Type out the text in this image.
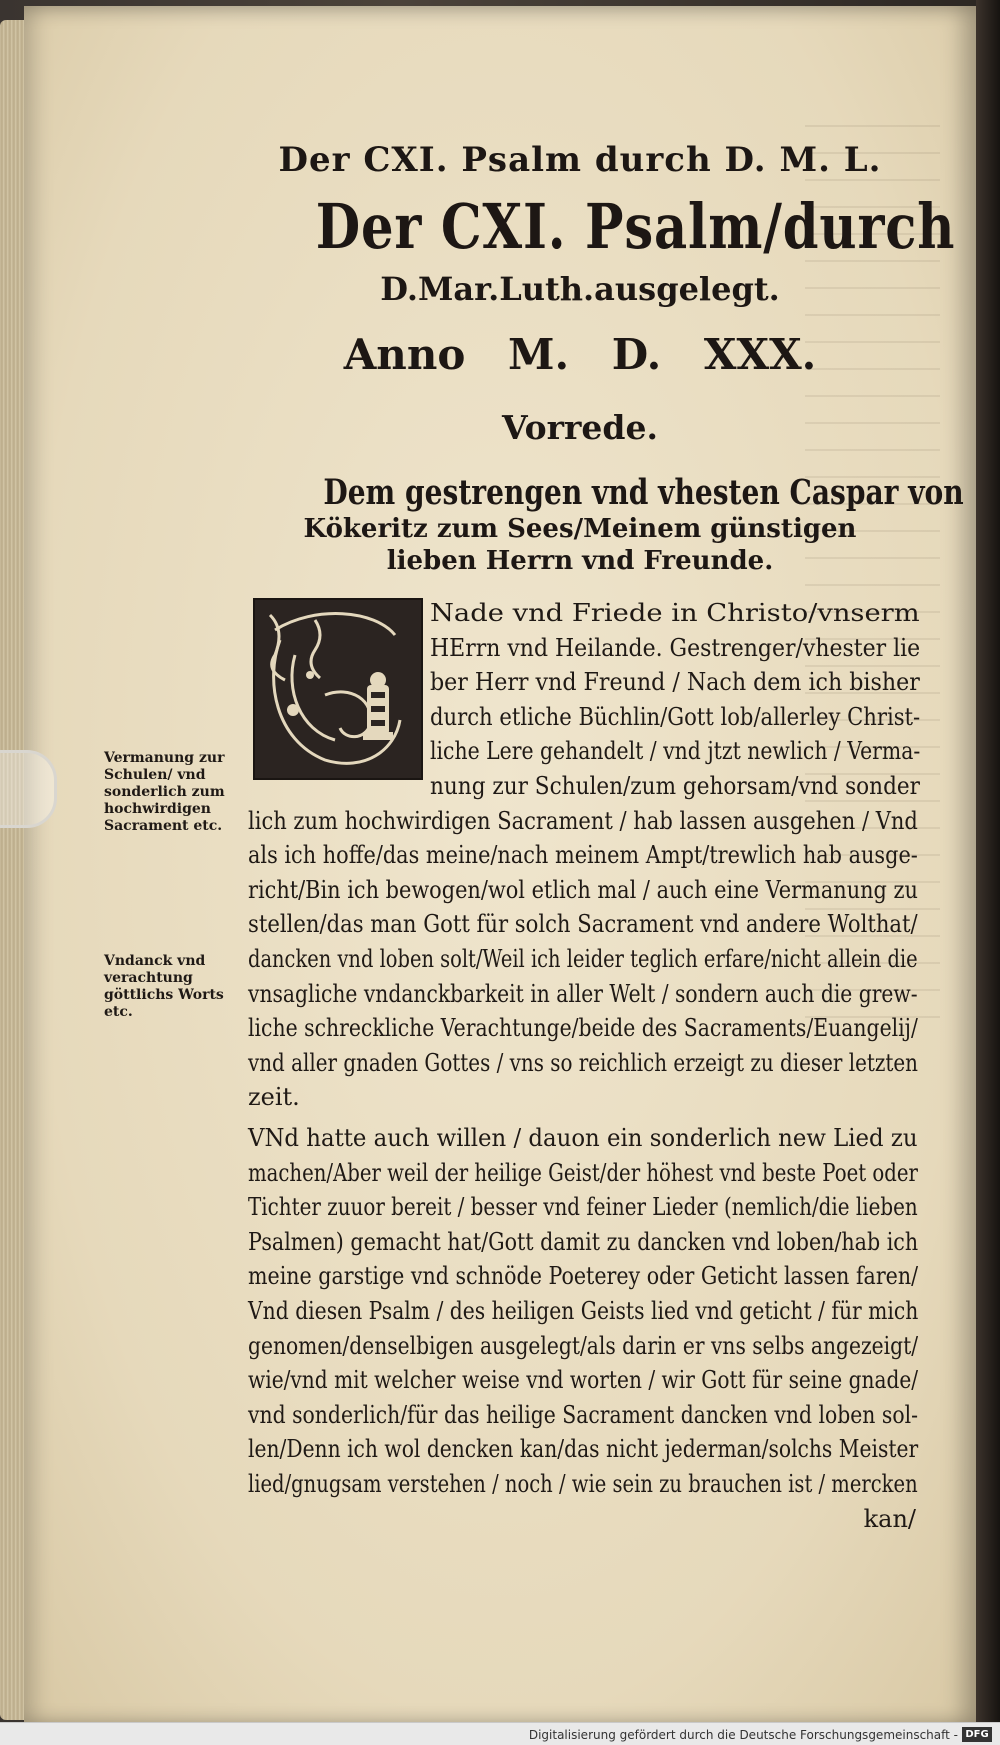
Der CXI. Psalm durch D. M. L.
Der CXI. Psalm/durch
D.Mar.Luth.ausgelegt.
Anno M. D. XXX.
Vorrede.
Dem gestrengen vnd vhesten Caspar von
Kökeritz zum Sees/Meinem günstigen
lieben Herrn vnd Freunde.
Nade vnd Friede in Christo/vnserm
HErrn vnd Heilande. Gestrenger/vhester lie
ber Herr vnd Freund / Nach dem ich bisher
durch etliche Büchlin/Gott lob/allerley Christ-
liche Lere gehandelt / vnd jtzt newlich / Verma-
nung zur Schulen/zum gehorsam/vnd sonder
lich zum hochwirdigen Sacrament / hab lassen ausgehen / Vnd
als ich hoffe/das meine/nach meinem Ampt/trewlich hab ausge-
richt/Bin ich bewogen/wol etlich mal / auch eine Vermanung zu
stellen/das man Gott für solch Sacrament vnd andere Wolthat/
dancken vnd loben solt/Weil ich leider teglich erfare/nicht allein die
vnsagliche vndanckbarkeit in aller Welt / sondern auch die grew-
liche schreckliche Verachtunge/beide des Sacraments/Euangelij/
vnd aller gnaden Gottes / vns so reichlich erzeigt zu dieser letzten
zeit.
VNd hatte auch willen / dauon ein sonderlich new Lied zu
machen/Aber weil der heilige Geist/der höhest vnd beste Poet oder
Tichter zuuor bereit / besser vnd feiner Lieder (nemlich/die lieben
Psalmen) gemacht hat/Gott damit zu dancken vnd loben/hab ich
meine garstige vnd schnöde Poeterey oder Geticht lassen faren/
Vnd diesen Psalm / des heiligen Geists lied vnd geticht / für mich
genomen/denselbigen ausgelegt/als darin er vns selbs angezeigt/
wie/vnd mit welcher weise vnd worten / wir Gott für seine gnade/
vnd sonderlich/für das heilige Sacrament dancken vnd loben sol-
len/Denn ich wol dencken kan/das nicht jederman/solchs Meister
lied/gnugsam verstehen / noch / wie sein zu brauchen ist / mercken
kan/
Vermanung zur
Schulen/ vnd
sonderlich zum
hochwirdigen
Sacrament etc.
Vndanck vnd
verachtung
göttlichs Worts
etc.
Digitalisierung gefördert durch die Deutsche Forschungsgemeinschaft - DFG
